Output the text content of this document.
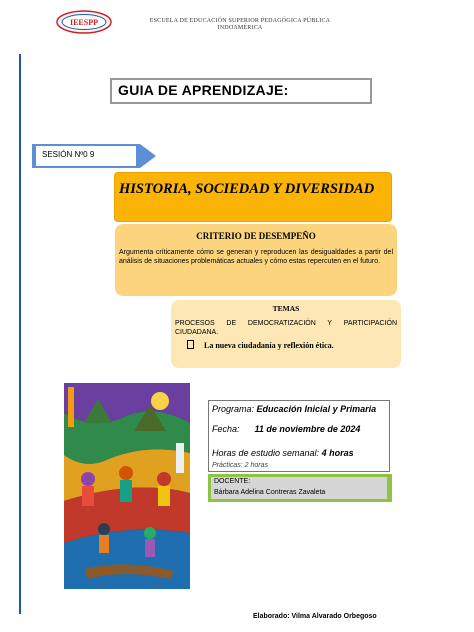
IEESPP	ESCUELA DE EDUCACIÓN SUPERIOR PEDAGÓGICA PÚBLICA
INDOAMÉRICA
GUIA DE APRENDIZAJE:
SESIÓN Nº0 9
HISTORIA, SOCIEDAD Y DIVERSIDAD
CRITERIO DE DESEMPEÑO
Argumenta críticamente cómo se generan y reproducen las desigualdades a partir del análisis de situaciones problemáticas actuales y cómo estas repercuten en el futuro.
TEMAS
PROCESOS DE DEMOCRATIZACIÓN Y PARTICIPACIÓN CIUDADANA.
La nueva ciudadanía y reflexión ética.
Programa: Educación Inicial y Primaria
Fecha: 11 de noviembre de 2024
Horas de estudio semanal: 4 horas
Prácticas: 2 horas
DOCENTE:
Bárbara Adelina Contreras Zavaleta
Elaborado: Vilma Alvarado Orbegoso
